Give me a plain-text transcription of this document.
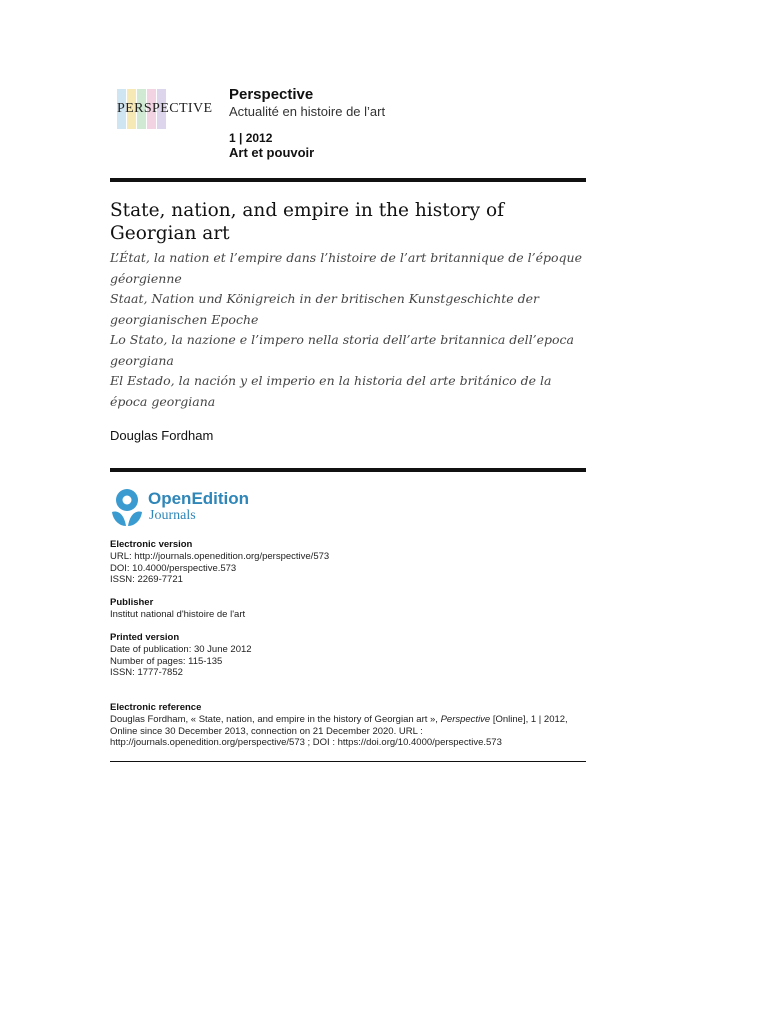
PERSPECTIVE
Perspective
Actualité en histoire de l’art
1 | 2012
Art et pouvoir
State, nation, and empire in the history of Georgian art
L’État, la nation et l’empire dans l’histoire de l’art britannique de l’époque géorgienne
Staat, Nation und Königreich in der britischen Kunstgeschichte der georgianischen Epoche
Lo Stato, la nazione e l’impero nella storia dell’arte britannica dell’epoca georgiana
El Estado, la nación y el imperio en la historia del arte británico de la época georgiana
Douglas Fordham
OpenEdition
Journals
Electronic version
URL: http://journals.openedition.org/perspective/573
DOI: 10.4000/perspective.573
ISSN: 2269-7721
Publisher
Institut national d'histoire de l'art
Printed version
Date of publication: 30 June 2012
Number of pages: 115-135
ISSN: 1777-7852
Electronic reference
Douglas Fordham, « State, nation, and empire in the history of Georgian art », Perspective [Online], 1 | 2012, Online since 30 December 2013, connection on 21 December 2020. URL : http://journals.openedition.org/perspective/573 ; DOI : https://doi.org/10.4000/perspective.573
